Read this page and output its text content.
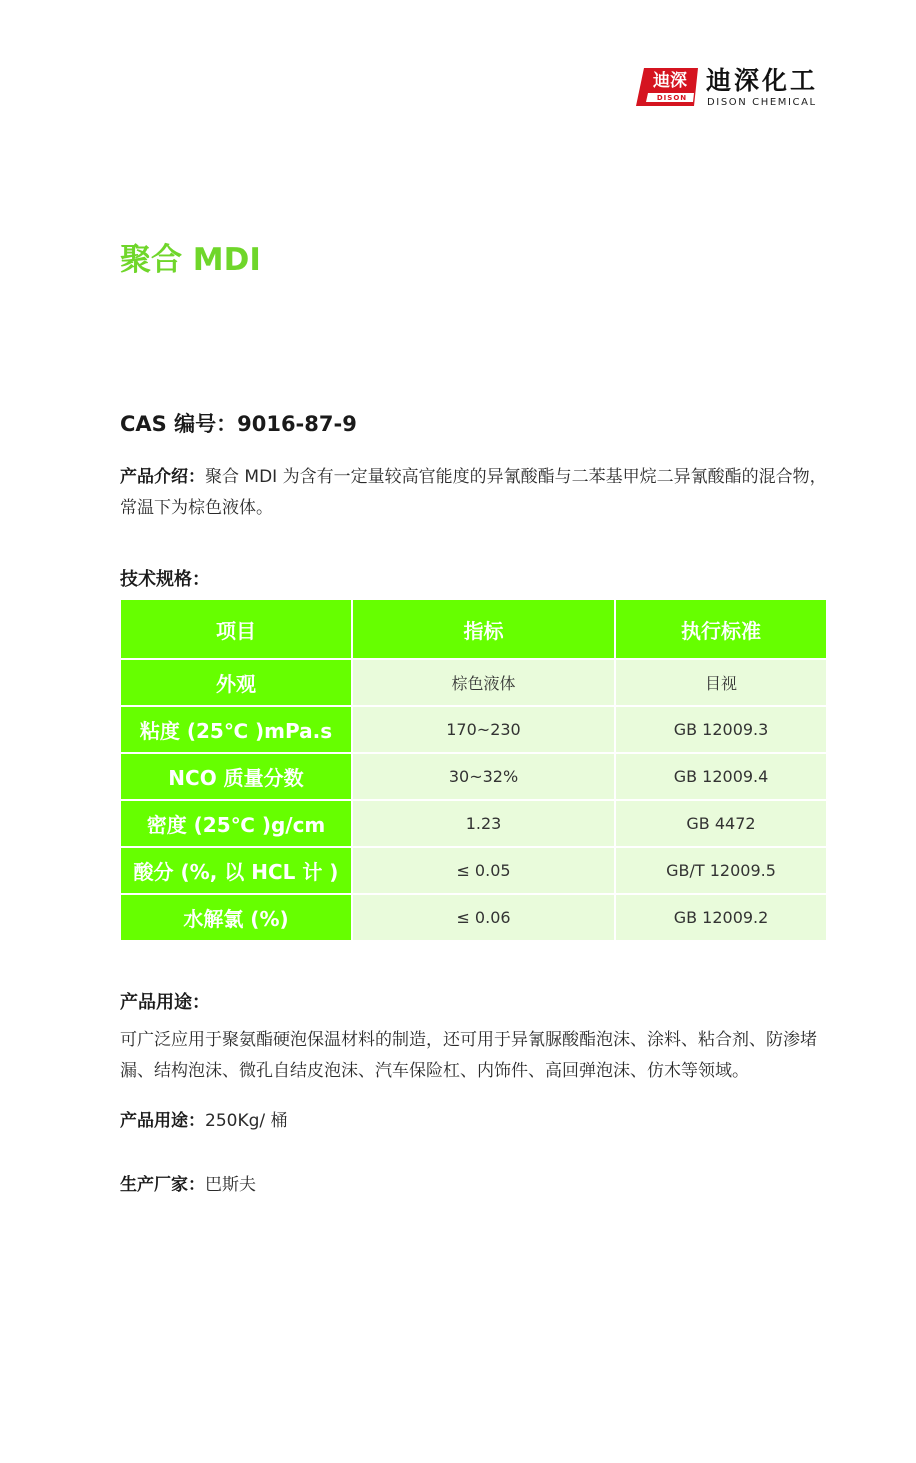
迪深
DISON
迪深化工
DISON CHEMICAL
聚合 MDI
CAS 编号：9016-87-9
产品介绍：聚合 MDI 为含有一定量较高官能度的异氰酸酯与二苯基甲烷二异氰酸酯的混合物，常温下为棕色液体。
技术规格：
项目	指标	执行标准
外观	棕色液体	目视
粘度 (25℃ )mPa.s	170~230	GB 12009.3
NCO 质量分数	30~32%	GB 12009.4
密度 (25℃ )g/cm	1.23	GB 4472
酸分 (%, 以 HCL 计 )	≤ 0.05	GB/T 12009.5
水解氯 (%)	≤ 0.06	GB 12009.2
产品用途：
可广泛应用于聚氨酯硬泡保温材料的制造，还可用于异氰脲酸酯泡沫、涂料、粘合剂、防渗堵漏、结构泡沫、微孔自结皮泡沫、汽车保险杠、内饰件、高回弹泡沫、仿木等领域。
产品用途：250Kg/ 桶
生产厂家：巴斯夫
